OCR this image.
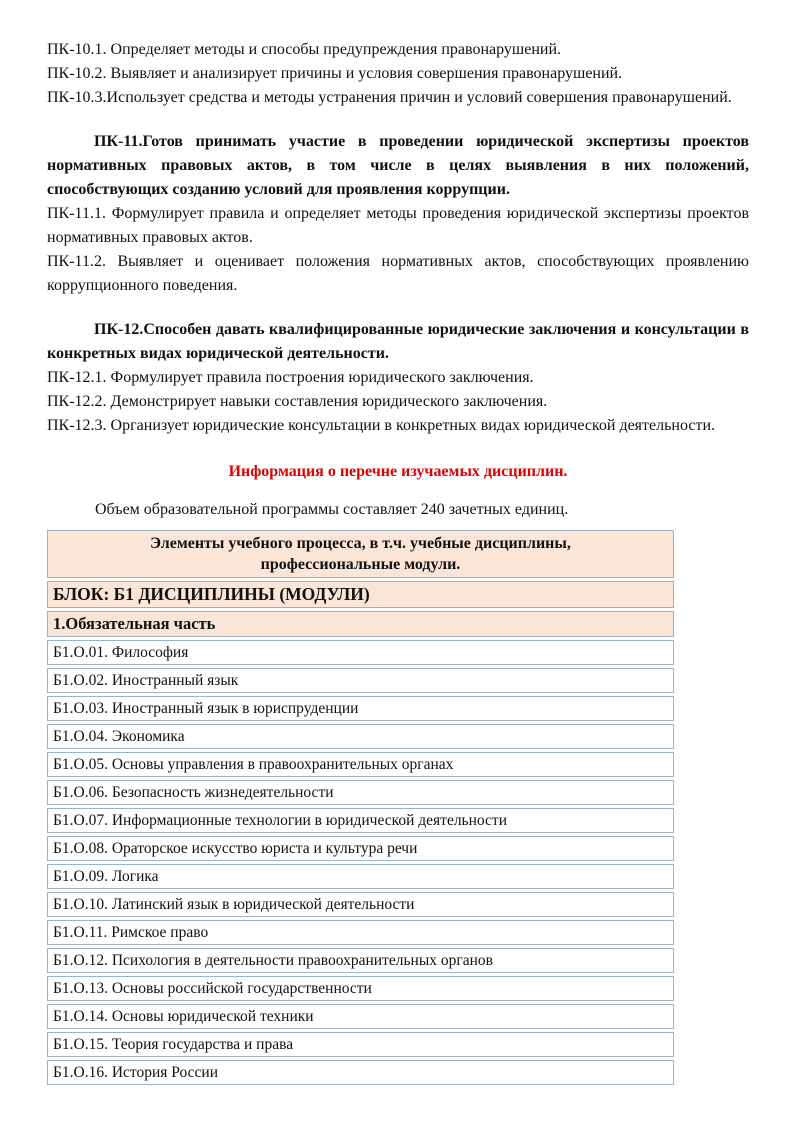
ПК-10.1. Определяет методы и способы предупреждения правонарушений.

ПК-10.2. Выявляет и анализирует причины и условия совершения правонарушений.

ПК-10.3.Использует средства и методы устранения причин и условий совершения правонарушений.

ПК-11.Готов принимать участие в проведении юридической экспертизы проектов нормативных правовых актов, в том числе в целях выявления в них положений, способствующих созданию условий для проявления коррупции.

ПК-11.1. Формулирует правила и определяет методы проведения юридической экспертизы проектов нормативных правовых актов.

ПК-11.2. Выявляет и оценивает положения нормативных актов, способствующих проявлению коррупционного поведения.

ПК-12.Способен давать квалифицированные юридические заключения и консультации в конкретных видах юридической деятельности.

ПК-12.1. Формулирует правила построения юридического заключения.

ПК-12.2. Демонстрирует навыки составления юридического заключения.

ПК-12.3. Организует юридические консультации в конкретных видах юридической деятельности.

Информация о перечне изучаемых дисциплин.

Объем образовательной программы составляет 240 зачетных единиц.

Элементы учебного процесса, в т.ч. учебные дисциплины,
профессиональные модули.
БЛОК: Б1 ДИСЦИПЛИНЫ (МОДУЛИ)
1.Обязательная часть
Б1.О.01. Философия
Б1.О.02. Иностранный язык
Б1.О.03. Иностранный язык в юриспруденции
Б1.О.04. Экономика
Б1.О.05. Основы управления в правоохранительных органах
Б1.О.06. Безопасность жизнедеятельности
Б1.О.07. Информационные технологии в юридической деятельности
Б1.О.08. Ораторское искусство юриста и культура речи
Б1.О.09. Логика
Б1.О.10. Латинский язык в юридической деятельности
Б1.О.11. Римское право
Б1.О.12. Психология в деятельности правоохранительных органов
Б1.О.13. Основы российской государственности
Б1.О.14. Основы юридической техники
Б1.О.15. Теория государства и права
Б1.О.16. История России
